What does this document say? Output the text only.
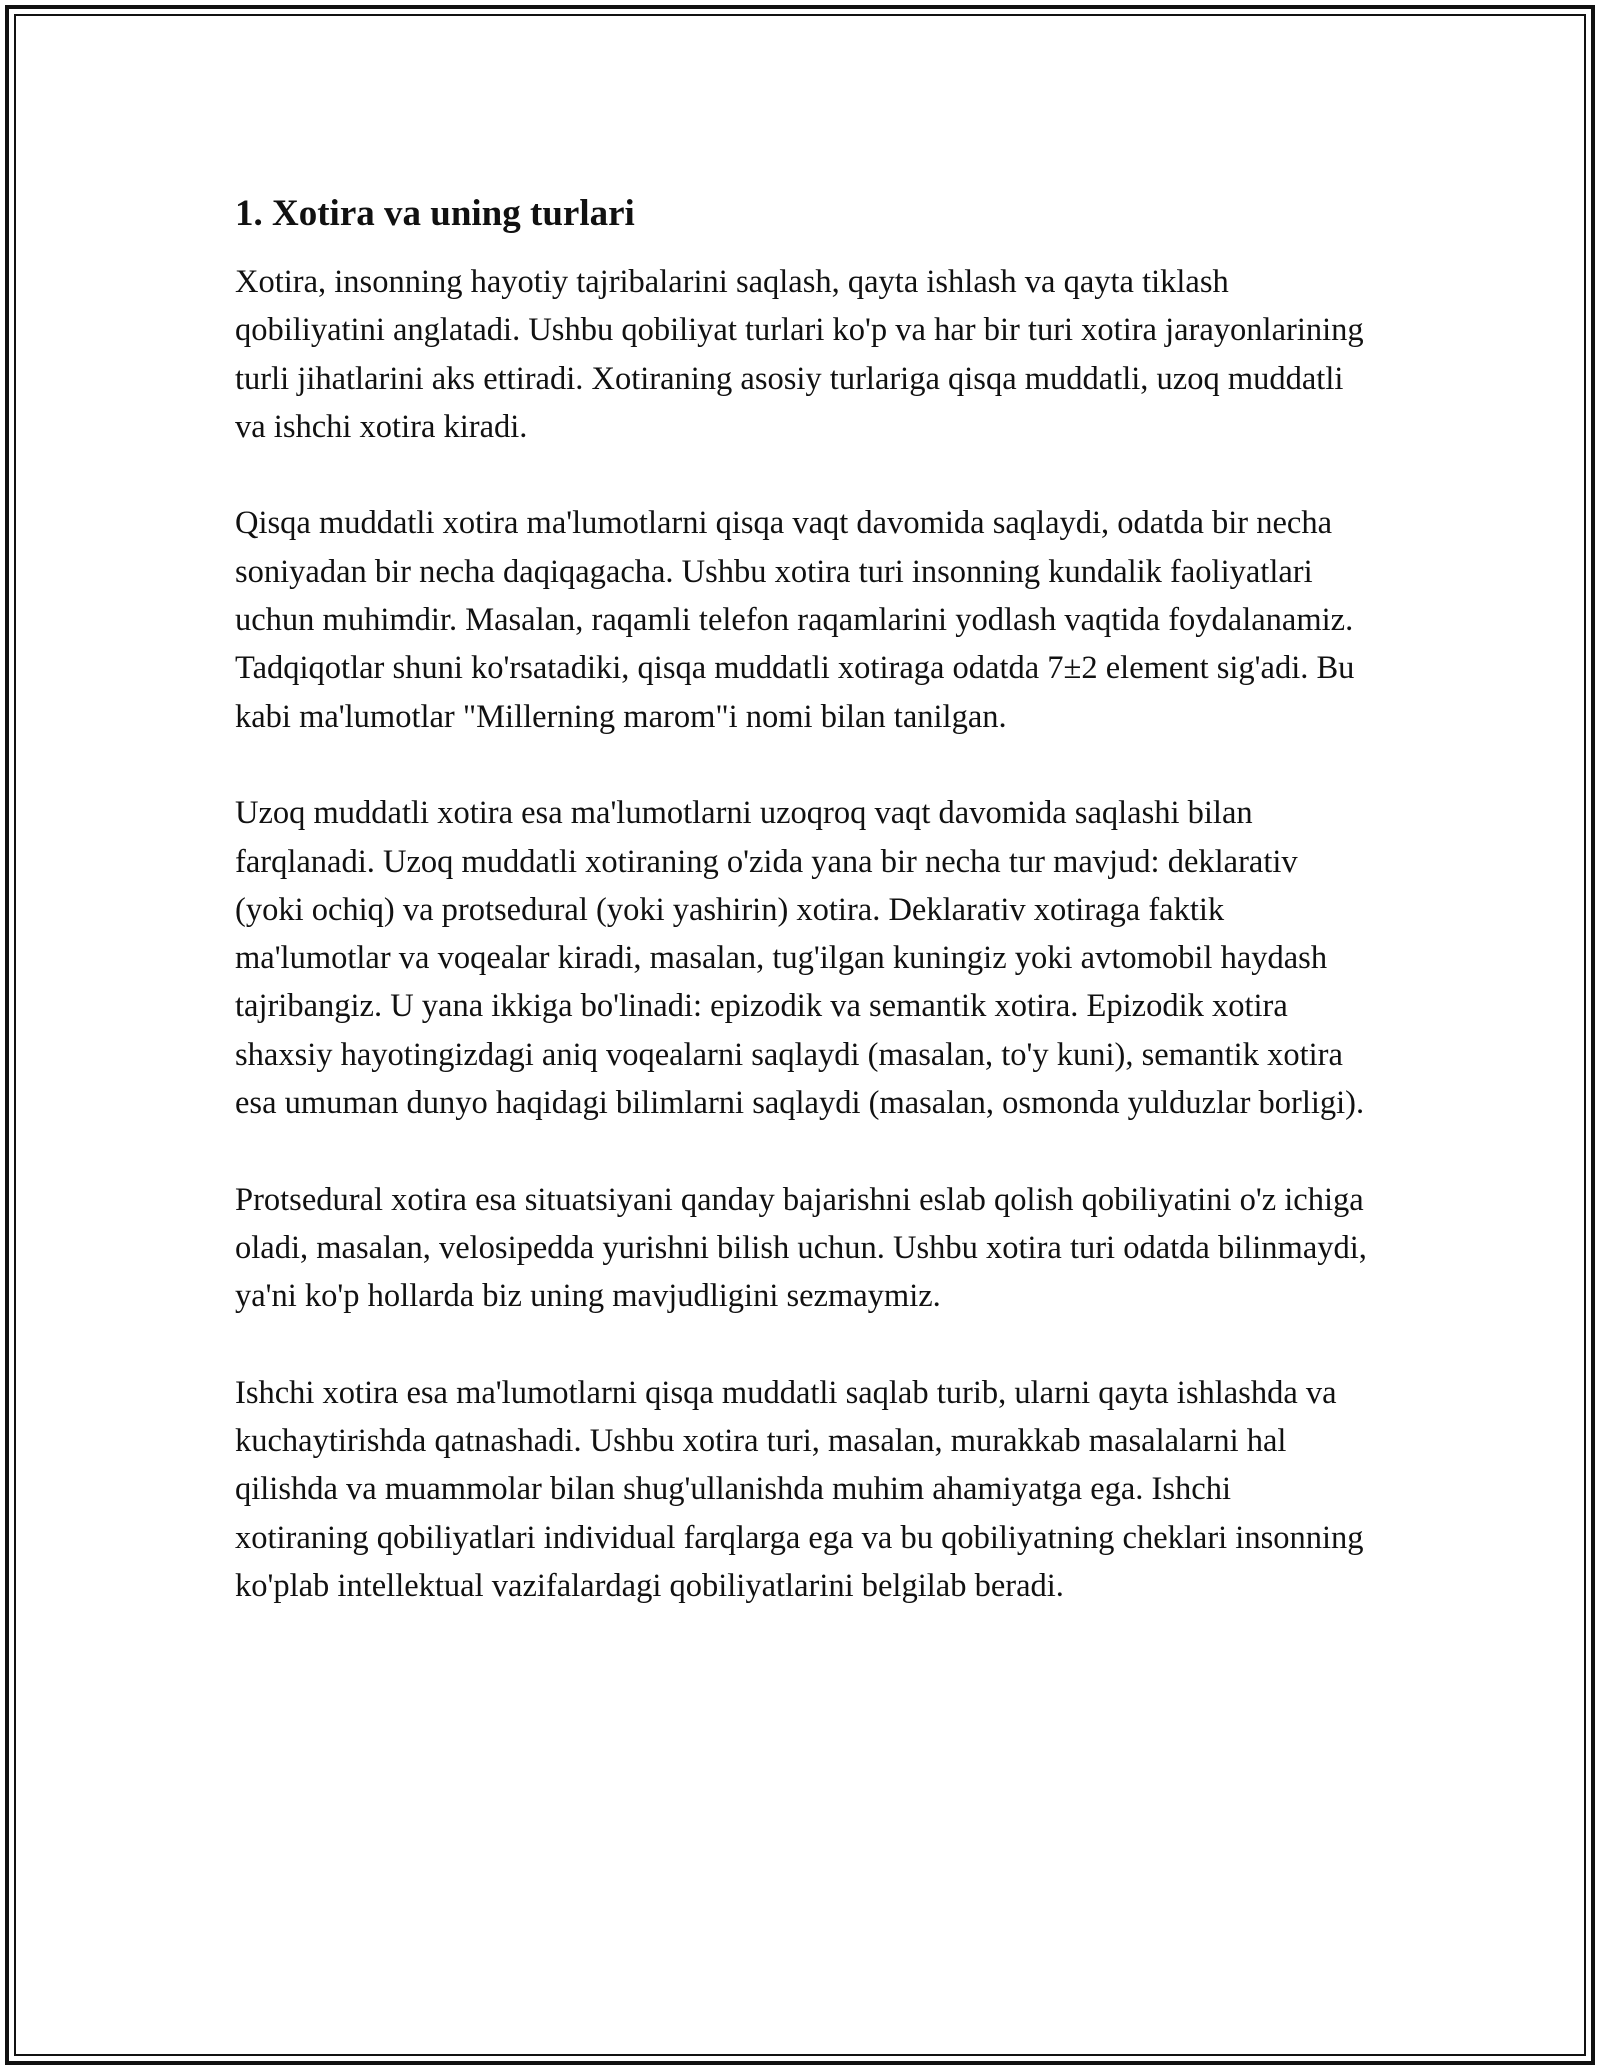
1. Xotira va uning turlari

Xotira, insonning hayotiy tajribalarini saqlash, qayta ishlash va qayta tiklash qobiliyatini anglatadi. Ushbu qobiliyat turlari ko'p va har bir turi xotira jarayonlarining turli jihatlarini aks ettiradi. Xotiraning asosiy turlariga qisqa muddatli, uzoq muddatli va ishchi xotira kiradi.

Qisqa muddatli xotira ma'lumotlarni qisqa vaqt davomida saqlaydi, odatda bir necha soniyadan bir necha daqiqagacha. Ushbu xotira turi insonning kundalik faoliyatlari uchun muhimdir. Masalan, raqamli telefon raqamlarini yodlash vaqtida foydalanamiz. Tadqiqotlar shuni ko'rsatadiki, qisqa muddatli xotiraga odatda 7±2 element sig'adi. Bu kabi ma'lumotlar "Millerning marom"i nomi bilan tanilgan.

Uzoq muddatli xotira esa ma'lumotlarni uzoqroq vaqt davomida saqlashi bilan farqlanadi. Uzoq muddatli xotiraning o'zida yana bir necha tur mavjud: deklarativ (yoki ochiq) va protsedural (yoki yashirin) xotira. Deklarativ xotiraga faktik ma'lumotlar va voqealar kiradi, masalan, tug'ilgan kuningiz yoki avtomobil haydash tajribangiz. U yana ikkiga bo'linadi: epizodik va semantik xotira. Epizodik xotira shaxsiy hayotingizdagi aniq voqealarni saqlaydi (masalan, to'y kuni), semantik xotira esa umuman dunyo haqidagi bilimlarni saqlaydi (masalan, osmonda yulduzlar borligi).

Protsedural xotira esa situatsiyani qanday bajarishni eslab qolish qobiliyatini o'z ichiga oladi, masalan, velosipedda yurishni bilish uchun. Ushbu xotira turi odatda bilinmaydi, ya'ni ko'p hollarda biz uning mavjudligini sezmaymiz.

Ishchi xotira esa ma'lumotlarni qisqa muddatli saqlab turib, ularni qayta ishlashda va kuchaytirishda qatnashadi. Ushbu xotira turi, masalan, murakkab masalalarni hal qilishda va muammolar bilan shug'ullanishda muhim ahamiyatga ega. Ishchi xotiraning qobiliyatlari individual farqlarga ega va bu qobiliyatning cheklari insonning ko'plab intellektual vazifalardagi qobiliyatlarini belgilab beradi.
